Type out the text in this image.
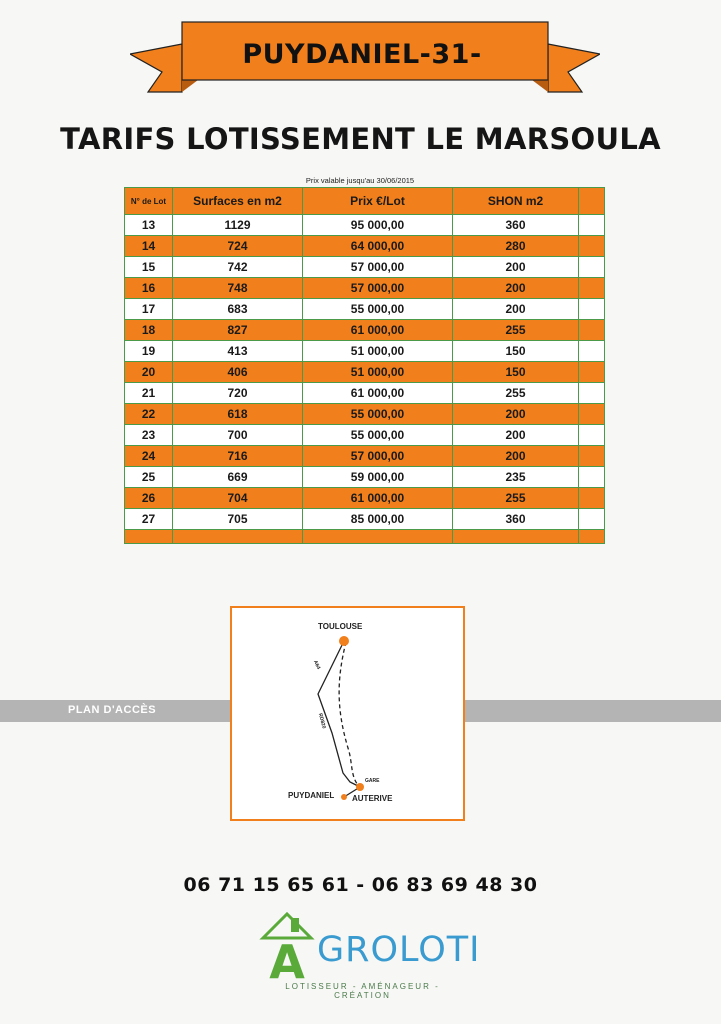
PUYDANIEL-31-
TARIFS LOTISSEMENT LE MARSOULA
Prix valable jusqu'au 30/06/2015
N° de Lot	Surfaces en m2	Prix €/Lot	SHON m2	
13	1129	95 000,00	360	
14	724	64 000,00	280	
15	742	57 000,00	200	
16	748	57 000,00	200	
17	683	55 000,00	200	
18	827	61 000,00	255	
19	413	51 000,00	150	
20	406	51 000,00	150	
21	720	61 000,00	255	
22	618	55 000,00	200	
23	700	55 000,00	200	
24	716	57 000,00	200	
25	669	59 000,00	235	
26	704	61 000,00	255	
27	705	85 000,00	360	

PLAN D'ACCÈS
TOULOUSE
A64
RD820
GARE
PUYDANIEL AUTERIVE
06 71 15 65 61 - 06 83 69 48 30
A GROLOTI
LOTISSEUR - AMÉNAGEUR - CRÉATION
